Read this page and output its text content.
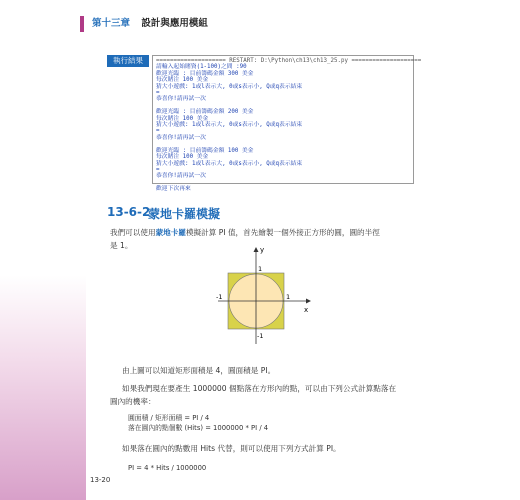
第十三章 設計與應用模組
執行結果	==================== RESTART: D:\Python\ch13\ch13_25.py ====================
請輸入起始賭資(1-100)之間 :90
歡迎光臨 : 目前籌碼金額 300 美金
每次賭注 100 美金
猜大小遊戲: 1或l表示大, 0或s表示小, Q或q表示結束
=
恭喜你!請再試一次

歡迎光臨 : 目前籌碼金額 200 美金
每次賭注 100 美金
猜大小遊戲: 1或l表示大, 0或s表示小, Q或q表示結束
=
恭喜你!請再試一次

歡迎光臨 : 目前籌碼金額 100 美金
每次賭注 100 美金
猜大小遊戲: 1或l表示大, 0或s表示小, Q或q表示結束
=
恭喜你!請再試一次

歡迎下次再來
13-6-2
蒙地卡羅模擬
我們可以使用蒙地卡羅模擬計算 PI 值，首先繪製一個外接正方形的圓，圓的半徑
是 1。	y
x
1
-1
-1	1
由上圖可以知道矩形面積是 4，圓面積是 PI。
如果我們現在要產生 1000000 個點落在方形內的點，可以由下列公式計算點落在
圓內的機率：
圓面積 / 矩形面積 = PI / 4
落在圓內的點個數 (Hits) = 1000000 * PI / 4
如果落在圓內的點數用 Hits 代替，則可以使用下列方式計算 PI。
PI = 4 * Hits / 1000000
13-20
